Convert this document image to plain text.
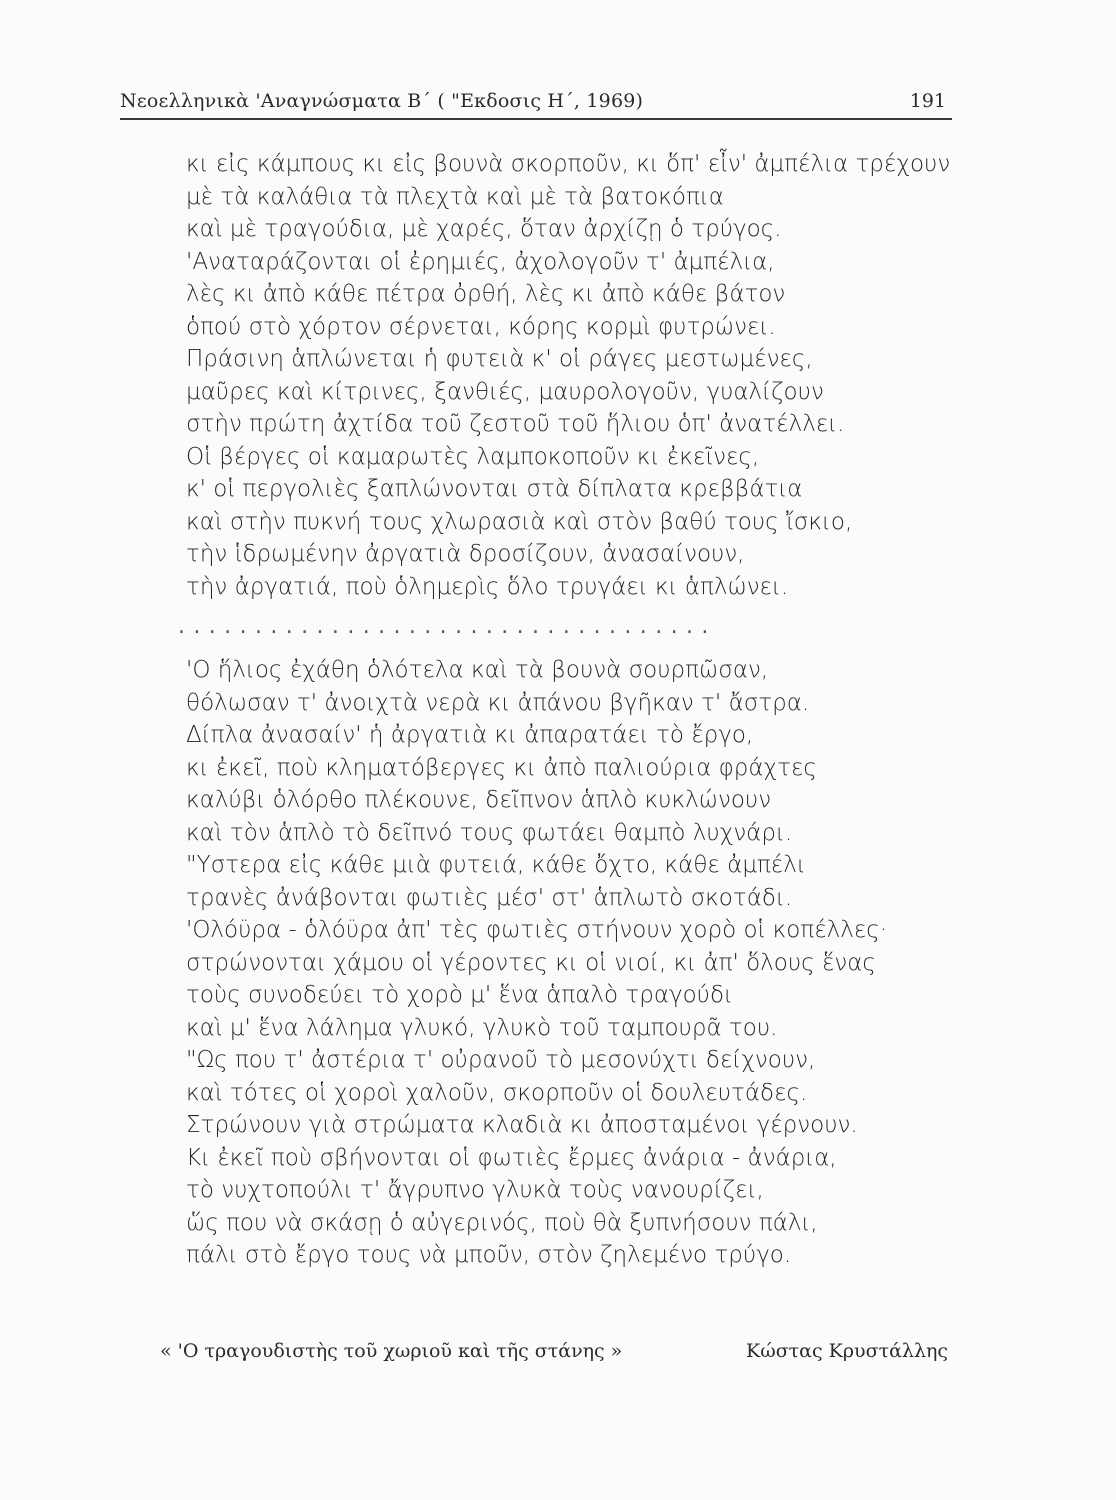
Νεοελληνικὰ 'Αναγνώσματα Β΄ ( "Εκδοσις Η΄, 1969)	191
κι εἰς κάμπους κι εἰς βουνὰ σκορποῦν, κι ὅπ' εἶν' ἀμπέλια τρέχουν
μὲ τὰ καλάθια τὰ πλεχτὰ καὶ μὲ τὰ βατοκόπια
καὶ μὲ τραγούδια, μὲ χαρές, ὅταν ἀρχίζῃ ὁ τρύγος.
'Αναταράζονται οἱ ἐρημιές, ἀχολογοῦν τ' ἀμπέλια,
λὲς κι ἀπὸ κάθε πέτρα ὀρθή, λὲς κι ἀπὸ κάθε βάτον
ὁπού στὸ χόρτον σέρνεται, κόρης κορμὶ φυτρώνει.
Πράσινη ἁπλώνεται ἡ φυτειὰ κ' οἱ ράγες μεστωμένες,
μαῦρες καὶ κίτρινες, ξανθιές, μαυρολογοῦν, γυαλίζουν
στὴν πρώτη ἀχτίδα τοῦ ζεστοῦ τοῦ ἥλιου ὁπ' ἀνατέλλει.
Οἱ βέργες οἱ καμαρωτὲς λαμποκοποῦν κι ἐκεῖνες,
κ' οἱ περγολιὲς ξαπλώνονται στὰ δίπλατα κρεββάτια
καὶ στὴν πυκνή τους χλωρασιὰ καὶ στὸν βαθύ τους ἴσκιο,
τὴν ἱδρωμένην ἀργατιὰ δροσίζουν, ἀνασαίνουν,
τὴν ἀργατιά, ποὺ ὁλημερὶς ὅλο τρυγάει κι ἁπλώνει.
...................................
'Ο ἥλιος ἐχάθη ὁλότελα καὶ τὰ βουνὰ σουρπῶσαν,
θόλωσαν τ' ἀνοιχτὰ νερὰ κι ἀπάνου βγῆκαν τ' ἄστρα.
Δίπλα ἀνασαίν' ἡ ἀργατιὰ κι ἀπαρατάει τὸ ἔργο,
κι ἐκεῖ, ποὺ κληματόβεργες κι ἀπὸ παλιούρια φράχτες
καλύβι ὁλόρθο πλέκουνε, δεῖπνον ἁπλὸ κυκλώνουν
καὶ τὸν ἁπλὸ τὸ δεῖπνό τους φωτάει θαμπὸ λυχνάρι.
"Υστερα εἰς κάθε μιὰ φυτειά, κάθε ὄχτο, κάθε ἀμπέλι
τρανὲς ἀνάβονται φωτιὲς μέσ' στ' ἁπλωτὸ σκοτάδι.
'Ολόϋρα - ὁλόϋρα ἀπ' τὲς φωτιὲς στήνουν χορὸ οἱ κοπέλλες·
στρώνονται χάμου οἱ γέροντες κι οἱ νιοί, κι ἀπ' ὅλους ἕνας
τοὺς συνοδεύει τὸ χορὸ μ' ἕνα ἁπαλὸ τραγούδι
καὶ μ' ἕνα λάλημα γλυκό, γλυκὸ τοῦ ταμπουρᾶ του.
"Ως που τ' ἀστέρια τ' οὐρανοῦ τὸ μεσονύχτι δείχνουν,
καὶ τότες οἱ χοροὶ χαλοῦν, σκορποῦν οἱ δουλευτάδες.
Στρώνουν γιὰ στρώματα κλαδιὰ κι ἀποσταμένοι γέρνουν.
Κι ἐκεῖ ποὺ σβήνονται οἱ φωτιὲς ἔρμες ἀνάρια - ἀνάρια,
τὸ νυχτοπούλι τ' ἄγρυπνο γλυκὰ τοὺς νανουρίζει,
ὥς που νὰ σκάσῃ ὁ αὐγερινός, ποὺ θὰ ξυπνήσουν πάλι,
πάλι στὸ ἔργο τους νὰ μποῦν, στὸν ζηλεμένο τρύγο.
« 'Ο τραγουδιστὴς τοῦ χωριοῦ καὶ τῆς στάνης »	Κώστας Κρυστάλλης
